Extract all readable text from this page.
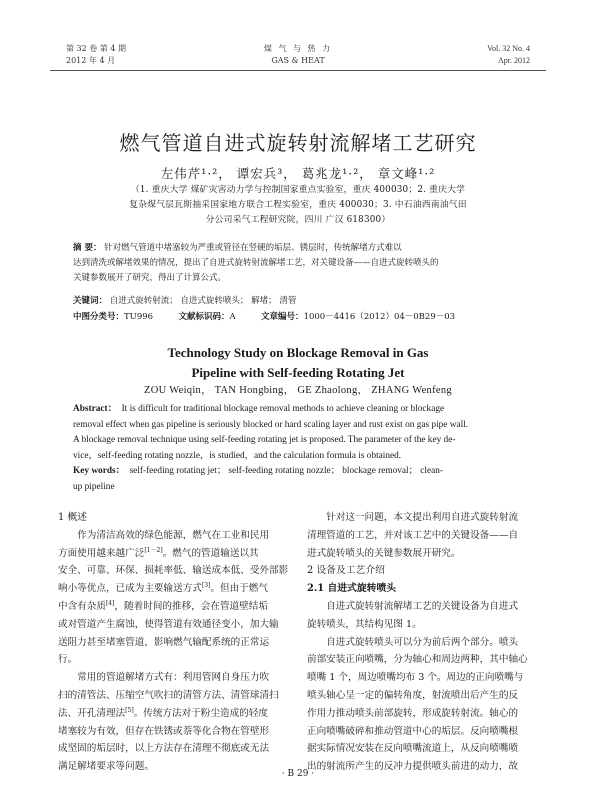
第 32 卷 第 4 期
2012 年 4 月
煤 气 与 热 力
GAS & HEAT
Vol. 32 No. 4
Apr. 2012
燃气管道自进式旋转射流解堵工艺研究
左伟芹¹·²， 谭宏兵³， 葛兆龙¹·²， 章文峰¹·²
（1. 重庆大学 煤矿灾害动力学与控制国家重点实验室，重庆 400030；2. 重庆大学
复杂煤气层瓦斯抽采国家地方联合工程实验室，重庆 400030；3. 中石油西南油气田
分公司采气工程研究院，四川 广汉 618300）
摘 要： 针对燃气管道中堵塞较为严重或管径在竖硬的垢层、锈层时，传统解堵方式难以
达到清洗或解堵效果的情况，提出了自进式旋转射流解堵工艺，对关键设备——自进式旋转喷头的
关键参数展开了研究，得出了计算公式。
关键词： 自进式旋转射流； 自进式旋转喷头； 解堵； 清管
中图分类号：TU996	文献标识码：A	文章编号：1000－4416（2012）04－0B29－03
Technology Study on Blockage Removal in Gas
Pipeline with Self-feeding Rotating Jet
ZOU Weiqin， TAN Hongbing， GE Zhaolong， ZHANG Wenfeng
Abstract： It is difficult for traditional blockage removal methods to achieve cleaning or blockage
removal effect when gas pipeline is seriously blocked or hard scaling layer and rust exist on gas pipe wall.
A blockage removal technique using self-feeding rotating jet is proposed. The parameter of the key de-
vice，self-feeding rotating nozzle，is studied，and the calculation formula is obtained.
Key words： self-feeding rotating jet； self-feeding rotating nozzle； blockage removal； clean-
up pipeline

1 概述

作为清洁高效的绿色能源，燃气在工业和民用

方面使用越来越广泛[1－2]。燃气的管道输送以其

安全、可靠、环保、损耗率低、输送成本低、受外部影

响小等优点，已成为主要输送方式[3]。但由于燃气

中含有杂质[4]，随着时间的推移，会在管道壁结垢

或对管道产生腐蚀，使得管道有效通径变小，加大输

送阻力甚至堵塞管道，影响燃气输配系统的正常运

行。

常用的管道解堵方式有：利用管网自身压力吹

扫的清管法、压缩空气吹扫的清管方法、清管球清扫

法、开孔清理法[5]。传统方法对于粉尘造成的轻度

堵塞较为有效，但存在铁锈或萘等化合物在管壁形

成坚固的垢层时，以上方法存在清理不彻底或无法

满足解堵要求等问题。

针对这一问题，本文提出利用自进式旋转射流

清理管道的工艺，并对该工艺中的关键设备——自

进式旋转喷头的关键参数展开研究。

2 设备及工艺介绍

2.1 自进式旋转喷头

自进式旋转射流解堵工艺的关键设备为自进式

旋转喷头，其结构见图 1。

自进式旋转喷头可以分为前后两个部分。喷头

前部安装正向喷嘴，分为轴心和周边两种，其中轴心

喷嘴 1 个，周边喷嘴均布 3 个。周边的正向喷嘴与

喷头轴心呈一定的偏转角度，射流喷出后产生的反

作用力推动喷头前部旋转，形成旋转射流。轴心的

正向喷嘴破碎和推动管道中心的垢层。反向喷嘴根

据实际情况安装在反向喷嘴流道上，从反向喷嘴喷

出的射流所产生的反冲力提供喷头前进的动力，故

· B 29 ·
